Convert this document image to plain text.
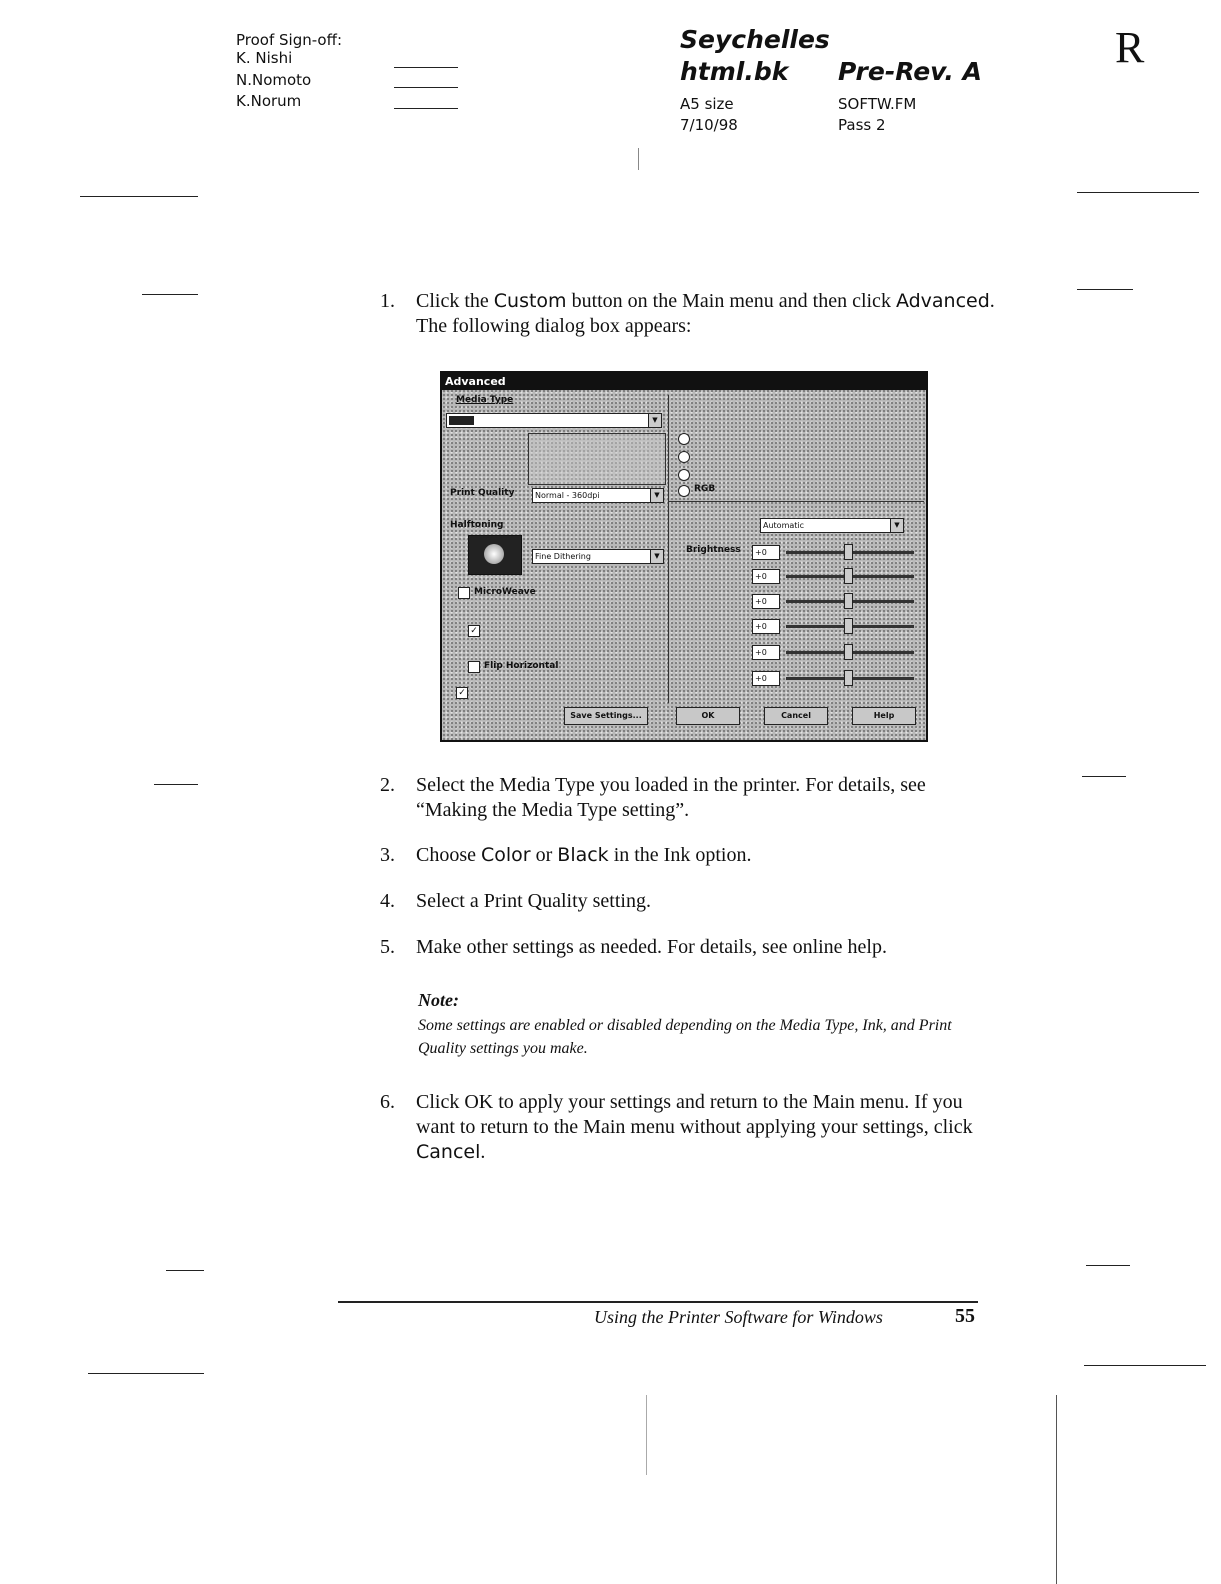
Proof Sign-off:
K. Nishi
N.Nomoto
K.Norum
Seychelles
html.bk Pre-Rev. A
A5 size	SOFTW.FM
7/10/98	Pass 2
R
1. Click the Custom button on the Main menu and then click Advanced. The following dialog box appears:
Advanced
Media Type

▼
Print Quality	Normal - 360dpi	▼
Halftoning
Fine Dithering	▼
MicroWeave
✓
Flip Horizontal
✓
RGB
Automatic	▼
Brightness	+0
+0
+0
+0
+0
+0
Save Settings...	OK	Cancel	Help
2. Select the Media Type you loaded in the printer. For details, see “Making the Media Type setting”.
3. Choose Color or Black in the Ink option.
4. Select a Print Quality setting.
5. Make other settings as needed. For details, see online help.
Note:
Some settings are enabled or disabled depending on the Media Type, Ink, and Print Quality settings you make.
6. Click OK to apply your settings and return to the Main menu. If you want to return to the Main menu without applying your settings, click Cancel.
Using the Printer Software for Windows	55
